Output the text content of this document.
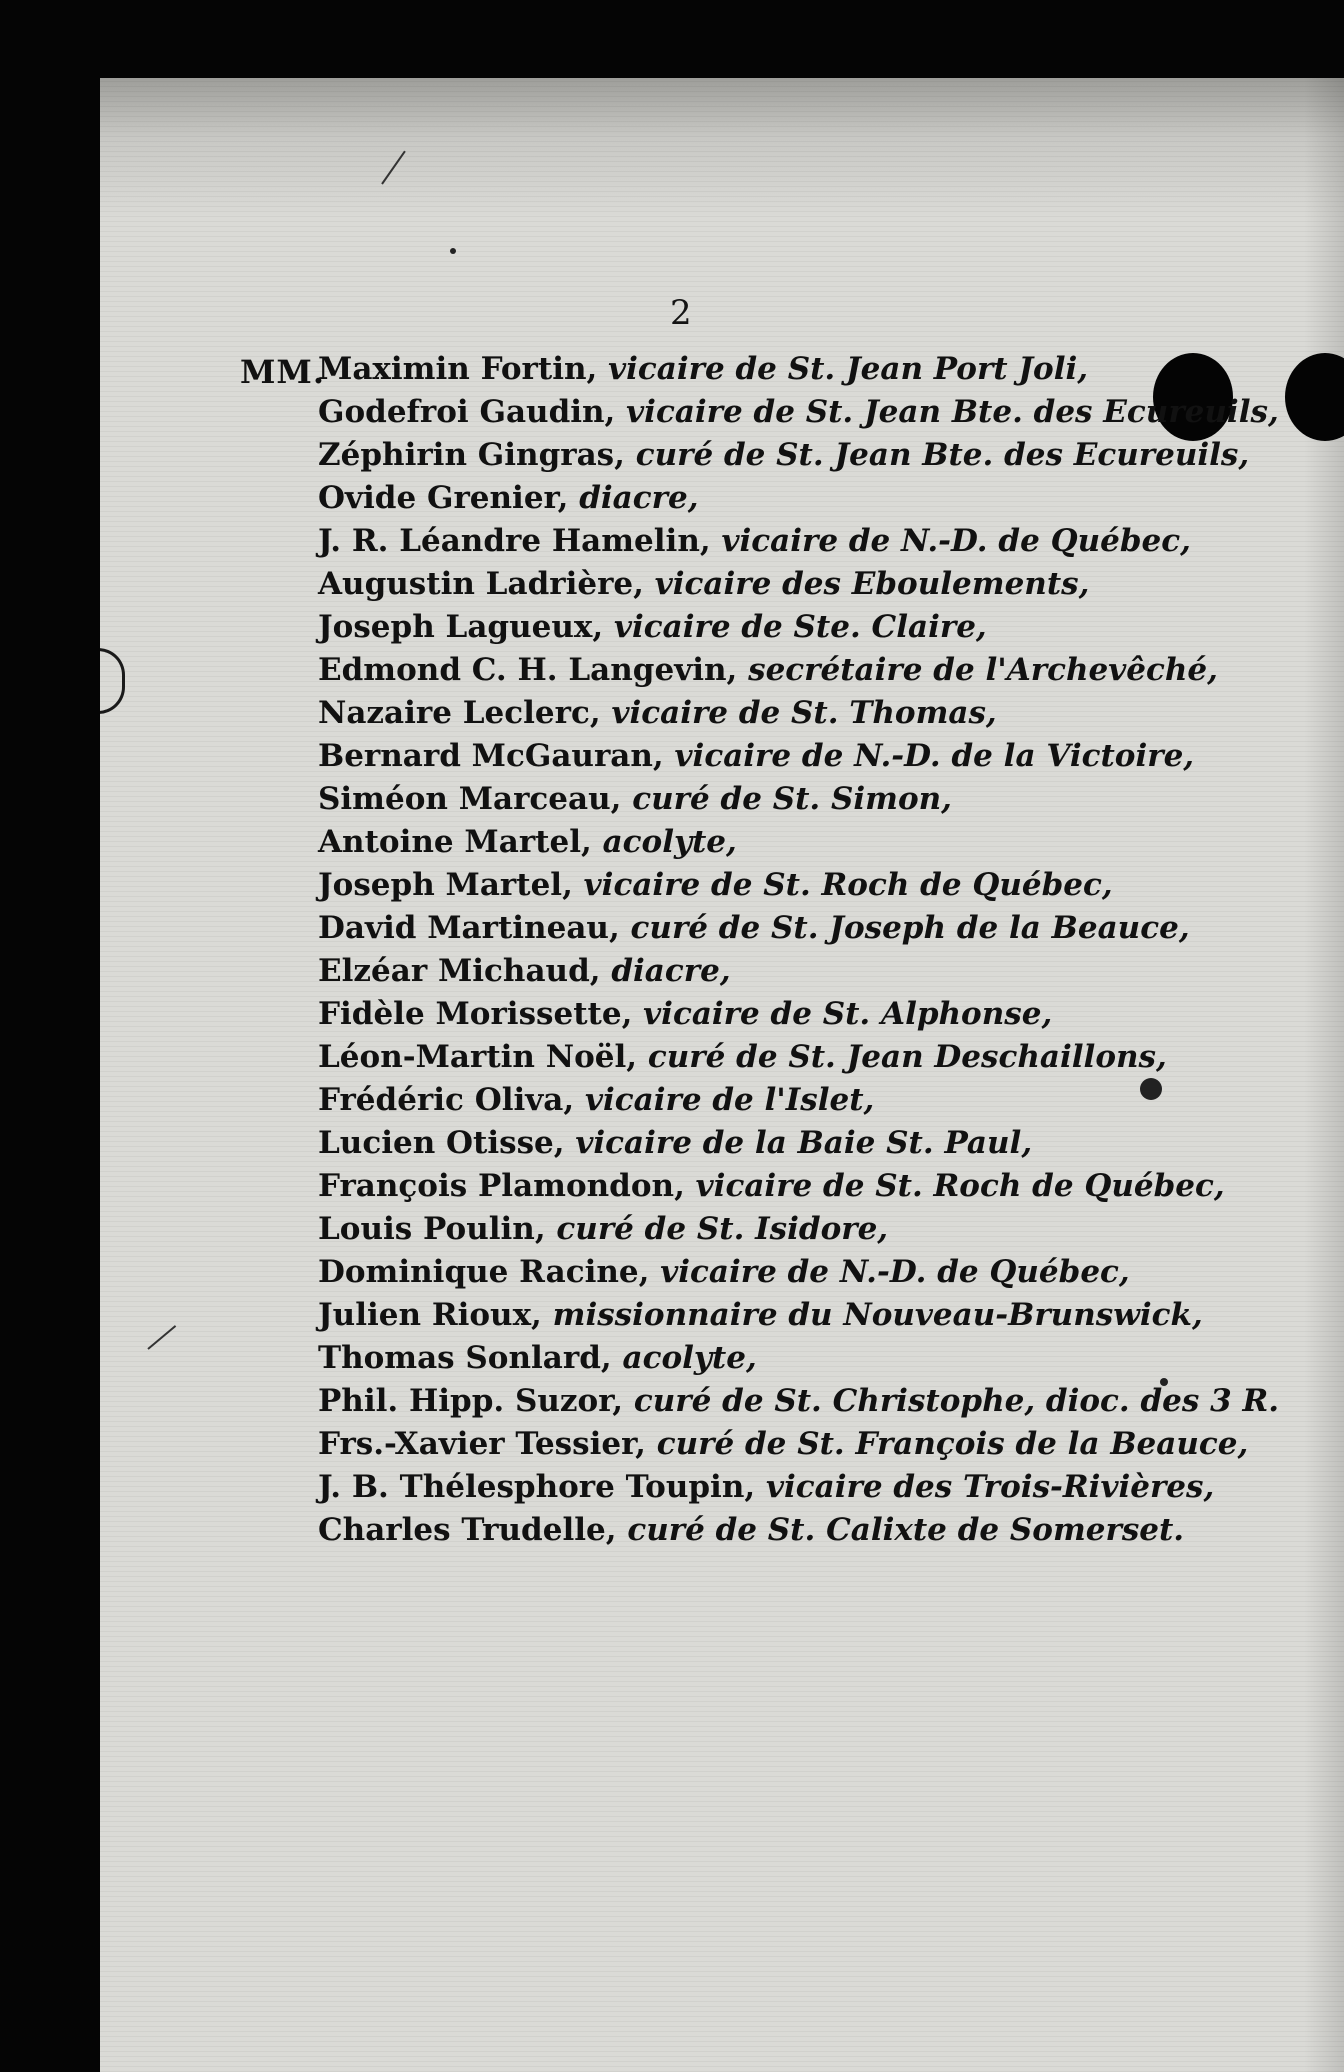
2
MM.
Maximin Fortin, vicaire de St. Jean Port Joli,
Godefroi Gaudin, vicaire de St. Jean Bte. des Ecureuils,
Zéphirin Gingras, curé de St. Jean Bte. des Ecureuils,
Ovide Grenier, diacre,
J. R. Léandre Hamelin, vicaire de N.-D. de Québec,
Augustin Ladrière, vicaire des Eboulements,
Joseph Lagueux, vicaire de Ste. Claire,
Edmond C. H. Langevin, secrétaire de l'Archevêché,
Nazaire Leclerc, vicaire de St. Thomas,
Bernard McGauran, vicaire de N.-D. de la Victoire,
Siméon Marceau, curé de St. Simon,
Antoine Martel, acolyte,
Joseph Martel, vicaire de St. Roch de Québec,
David Martineau, curé de St. Joseph de la Beauce,
Elzéar Michaud, diacre,
Fidèle Morissette, vicaire de St. Alphonse,
Léon-Martin Noël, curé de St. Jean Deschaillons,
Frédéric Oliva, vicaire de l'Islet,
Lucien Otisse, vicaire de la Baie St. Paul,
François Plamondon, vicaire de St. Roch de Québec,
Louis Poulin, curé de St. Isidore,
Dominique Racine, vicaire de N.-D. de Québec,
Julien Rioux, missionnaire du Nouveau-Brunswick,
Thomas Sonlard, acolyte,
Phil. Hipp. Suzor, curé de St. Christophe, dioc. des 3 R.
Frs.-Xavier Tessier, curé de St. François de la Beauce,
J. B. Thélesphore Toupin, vicaire des Trois-Rivières,
Charles Trudelle, curé de St. Calixte de Somerset.
